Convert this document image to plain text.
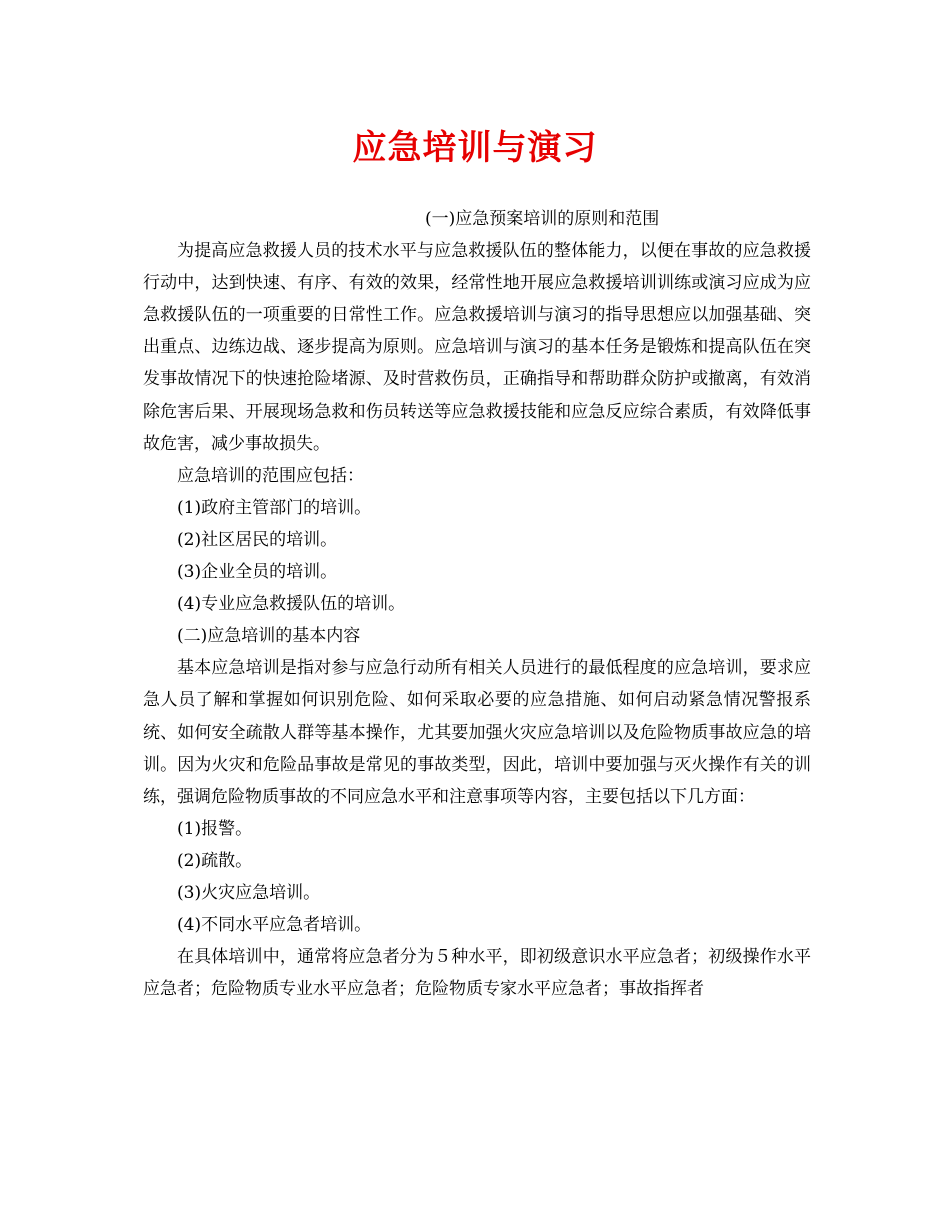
应急培训与演习

(一)应急预案培训的原则和范围

为提高应急救援人员的技术水平与应急救援队伍的整体能力，以便在事故的应急救援行动中，达到快速、有序、有效的效果，经常性地开展应急救援培训训练或演习应成为应急救援队伍的一项重要的日常性工作。应急救援培训与演习的指导思想应以加强基础、突出重点、边练边战、逐步提高为原则。应急培训与演习的基本任务是锻炼和提高队伍在突发事故情况下的快速抢险堵源、及时营救伤员，正确指导和帮助群众防护或撤离，有效消除危害后果、开展现场急救和伤员转送等应急救援技能和应急反应综合素质，有效降低事故危害，减少事故损失。

应急培训的范围应包括：

(1)政府主管部门的培训。

(2)社区居民的培训。

(3)企业全员的培训。

(4)专业应急救援队伍的培训。

(二)应急培训的基本内容

基本应急培训是指对参与应急行动所有相关人员进行的最低程度的应急培训，要求应急人员了解和掌握如何识别危险、如何采取必要的应急措施、如何启动紧急情况警报系统、如何安全疏散人群等基本操作，尤其要加强火灾应急培训以及危险物质事故应急的培训。因为火灾和危险品事故是常见的事故类型，因此，培训中要加强与灭火操作有关的训练，强调危险物质事故的不同应急水平和注意事项等内容，主要包括以下几方面：

(1)报警。

(2)疏散。

(3)火灾应急培训。

(4)不同水平应急者培训。

在具体培训中，通常将应急者分为５种水平，即初级意识水平应急者；初级操作水平应急者；危险物质专业水平应急者；危险物质专家水平应急者；事故指挥者
